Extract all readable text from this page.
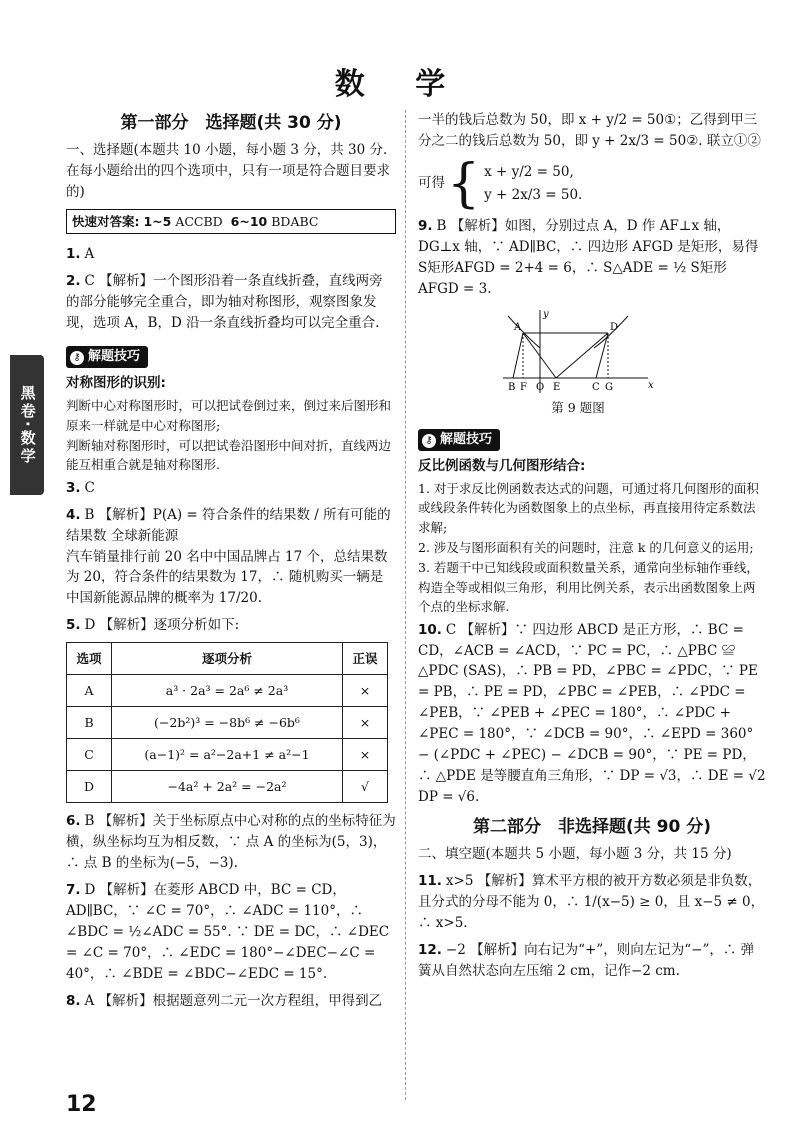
数 学
黑卷·数学
第一部分　选择题(共 30 分)

一、选择题(本题共 10 小题，每小题 3 分，共 30 分. 在每小题给出的四个选项中，只有一项是符合题目要求的)

快速对答案: 1~5 ACCBD 6~10 BDABC
1. A
2. C 【解析】一个图形沿着一条直线折叠，直线两旁的部分能够完全重合，即为轴对称图形，观察图象发现，选项 A，B，D 沿一条直线折叠均可以完全重合.
⚷ 解题技巧
对称图形的识别:
判断中心对称图形时，可以把试卷倒过来，倒过来后图形和原来一样就是中心对称图形;
判断轴对称图形时，可以把试卷沿图形中间对折，直线两边能互相重合就是轴对称图形.
3. C
4. B 【解析】P(A) = 符合条件的结果数 / 所有可能的结果数 全球新能源
汽车销量排行前 20 名中中国品牌占 17 个，总结果数为 20，符合条件的结果数为 17，∴ 随机购买一辆是中国新能源品牌的概率为 17/20.
5. D 【解析】逐项分析如下:
选项	逐项分析	正误
A	a³ · 2a³ = 2a⁶ ≠ 2a³	×
B	(−2b²)³ = −8b⁶ ≠ −6b⁶	×
C	(a−1)² = a²−2a+1 ≠ a²−1	×
D	−4a² + 2a² = −2a²	√
6. B 【解析】关于坐标原点中心对称的点的坐标特征为横，纵坐标均互为相反数，∵ 点 A 的坐标为(5，3)，∴ 点 B 的坐标为(−5，−3).
7. D 【解析】在菱形 ABCD 中，BC = CD，AD∥BC，∵ ∠C = 70°，∴ ∠ADC = 110°，∴ ∠BDC = ½∠ADC = 55°. ∵ DE = DC，∴ ∠DEC = ∠C = 70°，∴ ∠EDC = 180°−∠DEC−∠C = 40°，∴ ∠BDE = ∠BDC−∠EDC = 15°.
8. A 【解析】根据题意列二元一次方程组，甲得到乙

一半的钱后总数为 50，即 x + y/2 = 50①；乙得到甲三分之二的钱后总数为 50，即 y + 2x/3 = 50②. 联立①②

可得 { x + y/2 = 50,
y + 2x/3 = 50.
9. B 【解析】如图，分别过点 A，D 作 AF⊥x 轴，DG⊥x 轴，∵ AD∥BC，∴ 四边形 AFGD 是矩形，易得 S矩形AFGD = 2+4 = 6，∴ S△ADE = ½ S矩形AFGD = 3.
y
x
A	D
B F O E	C G
第 9 题图
⚷ 解题技巧
反比例函数与几何图形结合:
1. 对于求反比例函数表达式的问题，可通过将几何图形的面积或线段条件转化为函数图象上的点坐标，再直接用待定系数法求解;
2. 涉及与图形面积有关的问题时，注意 k 的几何意义的运用;
3. 若题干中已知线段或面积数量关系，通常向坐标轴作垂线，构造全等或相似三角形，利用比例关系，表示出函数图象上两个点的坐标求解.
10. C 【解析】∵ 四边形 ABCD 是正方形，∴ BC = CD，∠ACB = ∠ACD，∵ PC = PC，∴ △PBC ≌ △PDC (SAS)，∴ PB = PD，∠PBC = ∠PDC，∵ PE = PB，∴ PE = PD，∠PBC = ∠PEB，∴ ∠PDC = ∠PEB，∵ ∠PEB + ∠PEC = 180°，∴ ∠PDC + ∠PEC = 180°，∵ ∠DCB = 90°，∴ ∠EPD = 360° − (∠PDC + ∠PEC) − ∠DCB = 90°，∵ PE = PD，∴ △PDE 是等腰直角三角形，∵ DP = √3，∴ DE = √2 DP = √6.
第二部分　非选择题(共 90 分)

二、填空题(本题共 5 小题，每小题 3 分，共 15 分)

11. x>5 【解析】算术平方根的被开方数必须是非负数，且分式的分母不能为 0，∴ 1/(x−5) ≥ 0，且 x−5 ≠ 0，∴ x>5.
12. −2 【解析】向右记为“+”，则向左记为“−”，∴ 弹簧从自然状态向左压缩 2 cm，记作−2 cm.
12
